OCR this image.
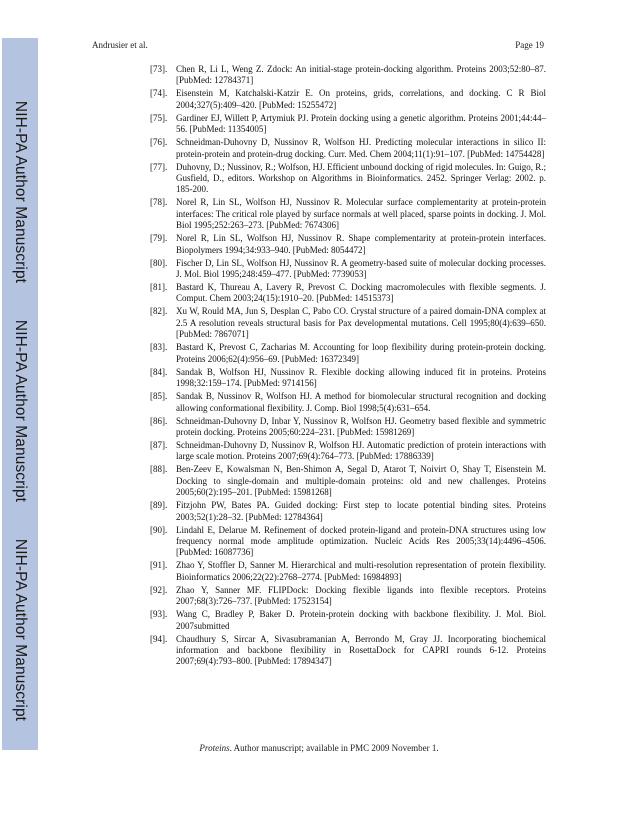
NIH-PA Author Manuscript
NIH-PA Author Manuscript
NIH-PA Author Manuscript
Andrusier et al.	Page 19
[73]. Chen R, Li L, Weng Z. Zdock: An initial-stage protein-docking algorithm. Proteins 2003;52:80–87. [PubMed: 12784371]
[74]. Eisenstein M, Katchalski-Katzir E. On proteins, grids, correlations, and docking. C R Biol 2004;327(5):409–420. [PubMed: 15255472]
[75]. Gardiner EJ, Willett P, Artymiuk PJ. Protein docking using a genetic algorithm. Proteins 2001;44:44–56. [PubMed: 11354005]
[76]. Schneidman-Duhovny D, Nussinov R, Wolfson HJ. Predicting molecular interactions in silico II: protein-protein and protein-drug docking. Curr. Med. Chem 2004;11(1):91–107. [PubMed: 14754428]
[77]. Duhovny, D.; Nussinov, R.; Wolfson, HJ. Efficient unbound docking of rigid molecules. In: Guigo, R.; Gusfield, D., editors. Workshop on Algorithms in Bioinformatics. 2452. Springer Verlag: 2002. p. 185-200.
[78]. Norel R, Lin SL, Wolfson HJ, Nussinov R. Molecular surface complementarity at protein-protein interfaces: The critical role played by surface normals at well placed, sparse points in docking. J. Mol. Biol 1995;252:263–273. [PubMed: 7674306]
[79]. Norel R, Lin SL, Wolfson HJ, Nussinov R. Shape complementarity at protein-protein interfaces. Biopolymers 1994;34:933–940. [PubMed: 8054472]
[80]. Fischer D, Lin SL, Wolfson HJ, Nussinov R. A geometry-based suite of molecular docking processes. J. Mol. Biol 1995;248:459–477. [PubMed: 7739053]
[81]. Bastard K, Thureau A, Lavery R, Prevost C. Docking macromolecules with flexible segments. J. Comput. Chem 2003;24(15):1910–20. [PubMed: 14515373]
[82]. Xu W, Rould MA, Jun S, Desplan C, Pabo CO. Crystal structure of a paired domain-DNA complex at 2.5 A resolution reveals structural basis for Pax developmental mutations. Cell 1995;80(4):639–650. [PubMed: 7867071]
[83]. Bastard K, Prevost C, Zacharias M. Accounting for loop flexibility during protein-protein docking. Proteins 2006;62(4):956–69. [PubMed: 16372349]
[84]. Sandak B, Wolfson HJ, Nussinov R. Flexible docking allowing induced fit in proteins. Proteins 1998;32:159–174. [PubMed: 9714156]
[85]. Sandak B, Nussinov R, Wolfson HJ. A method for biomolecular structural recognition and docking allowing conformational flexibility. J. Comp. Biol 1998;5(4):631–654.
[86]. Schneidman-Duhovny D, Inbar Y, Nussinov R, Wolfson HJ. Geometry based flexible and symmetric protein docking. Proteins 2005;60:224–231. [PubMed: 15981269]
[87]. Schneidman-Duhovny D, Nussinov R, Wolfson HJ. Automatic prediction of protein interactions with large scale motion. Proteins 2007;69(4):764–773. [PubMed: 17886339]
[88]. Ben-Zeev E, Kowalsman N, Ben-Shimon A, Segal D, Atarot T, Noivirt O, Shay T, Eisenstein M. Docking to single-domain and multiple-domain proteins: old and new challenges. Proteins 2005;60(2):195–201. [PubMed: 15981268]
[89]. Fitzjohn PW, Bates PA. Guided docking: First step to locate potential binding sites. Proteins 2003;52(1):28–32. [PubMed: 12784364]
[90]. Lindahl E, Delarue M. Refinement of docked protein-ligand and protein-DNA structures using low frequency normal mode amplitude optimization. Nucleic Acids Res 2005;33(14):4496–4506. [PubMed: 16087736]
[91]. Zhao Y, Stoffler D, Sanner M. Hierarchical and multi-resolution representation of protein flexibility. Bioinformatics 2006;22(22):2768–2774. [PubMed: 16984893]
[92]. Zhao Y, Sanner MF. FLIPDock: Docking flexible ligands into flexible receptors. Proteins 2007;68(3):726–737. [PubMed: 17523154]
[93]. Wang C, Bradley P, Baker D. Protein-protein docking with backbone flexibility. J. Mol. Biol. 2007submitted
[94]. Chaudhury S, Sircar A, Sivasubramanian A, Berrondo M, Gray JJ. Incorporating biochemical information and backbone flexibility in RosettaDock for CAPRI rounds 6-12. Proteins 2007;69(4):793–800. [PubMed: 17894347]
Proteins. Author manuscript; available in PMC 2009 November 1.
